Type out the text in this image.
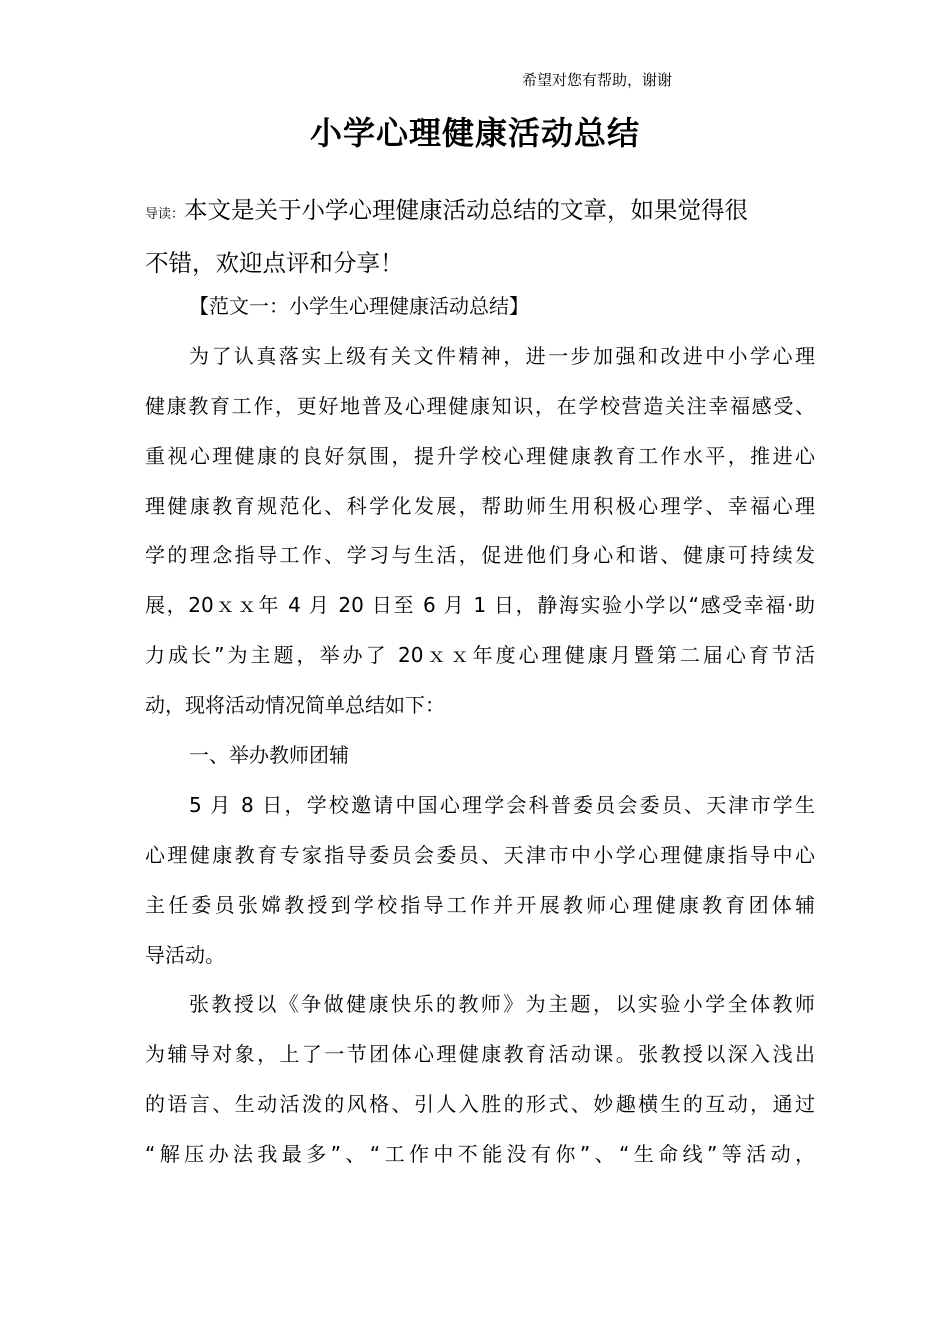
希望对您有帮助，谢谢
小学心理健康活动总结
导读：本文是关于小学心理健康活动总结的文章，如果觉得很
不错，欢迎点评和分享！
【范文一：小学生心理健康活动总结】
为了认真落实上级有关文件精神，进一步加强和改进中小学心理
健康教育工作，更好地普及心理健康知识，在学校营造关注幸福感受、
重视心理健康的良好氛围，提升学校心理健康教育工作水平，推进心
理健康教育规范化、科学化发展，帮助师生用积极心理学、幸福心理
学的理念指导工作、学习与生活，促进他们身心和谐、健康可持续发
展，20ｘｘ年 4 月 20 日至 6 月 1 日，静海实验小学以“感受幸福·助
力成长”为主题，举办了 20ｘｘ年度心理健康月暨第二届心育节活
动，现将活动情况简单总结如下：
一、举办教师团辅
5 月 8 日，学校邀请中国心理学会科普委员会委员、天津市学生
心理健康教育专家指导委员会委员、天津市中小学心理健康指导中心
主任委员张嫦教授到学校指导工作并开展教师心理健康教育团体辅
导活动。
张教授以《争做健康快乐的教师》为主题，以实验小学全体教师
为辅导对象，上了一节团体心理健康教育活动课。张教授以深入浅出
的语言、生动活泼的风格、引人入胜的形式、妙趣横生的互动，通过
“解压办法我最多”、“工作中不能没有你”、“生命线”等活动，
